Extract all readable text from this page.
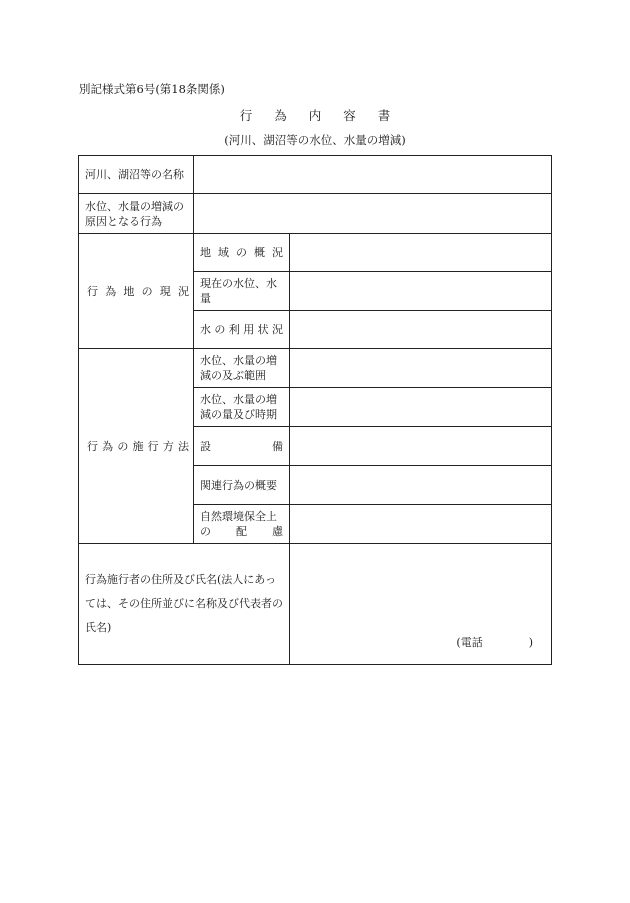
別記様式第6号(第18条関係)
行為内容書
(河川、湖沼等の水位、水量の増減)
河川、湖沼等の名称		
水位、水量の増減の原因となる行為		
行為地の現況	地域の概況	
	現在の水位、水量	
	水の利用状況	
行為の施行方法	水位、水量の増減の及ぶ範囲	
	水位、水量の増減の量及び時期	
	設備	
	関連行為の概要	

	自然環境保全上
の配慮	

行為施行者の住所及び氏名(法人にあっては、その住所並びに名称及び代表者の氏名)		(電話 )
